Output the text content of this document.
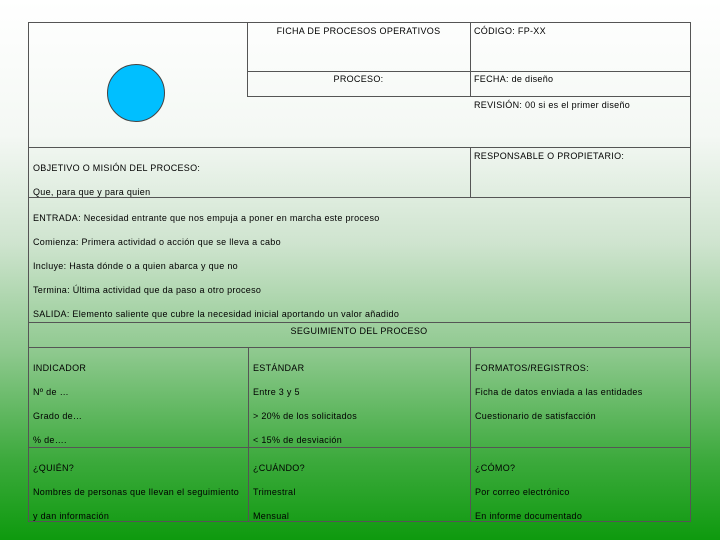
FICHA DE PROCESOS OPERATIVOS	CÓDIGO: FP-XX
PROCESO:	FECHA: de diseño
REVISIÓN: 00 si es el primer diseño

OBJETIVO O MISIÓN DEL PROCESO:

Que, para que y para quien

RESPONSABLE O PROPIETARIO:

ENTRADA: Necesidad entrante que nos empuja a poner en marcha este proceso

Comienza: Primera actividad o acción que se lleva a cabo

Incluye: Hasta dónde o a quien abarca y que no

Termina: Última actividad que da paso a otro proceso

SALIDA: Elemento saliente que cubre la necesidad inicial aportando un valor añadido

SEGUIMIENTO DEL PROCESO

INDICADOR

Nº de …

Grado de…

% de….

ESTÁNDAR

Entre 3 y 5

> 20% de los solicitados

< 15% de desviación

FORMATOS/REGISTROS:

Ficha de datos enviada a las entidades

Cuestionario de satisfacción

¿QUIÉN?

Nombres de personas que llevan el seguimiento

y dan información

¿CUÁNDO?

Trimestral

Mensual

¿CÓMO?

Por correo electrónico

En informe documentado
